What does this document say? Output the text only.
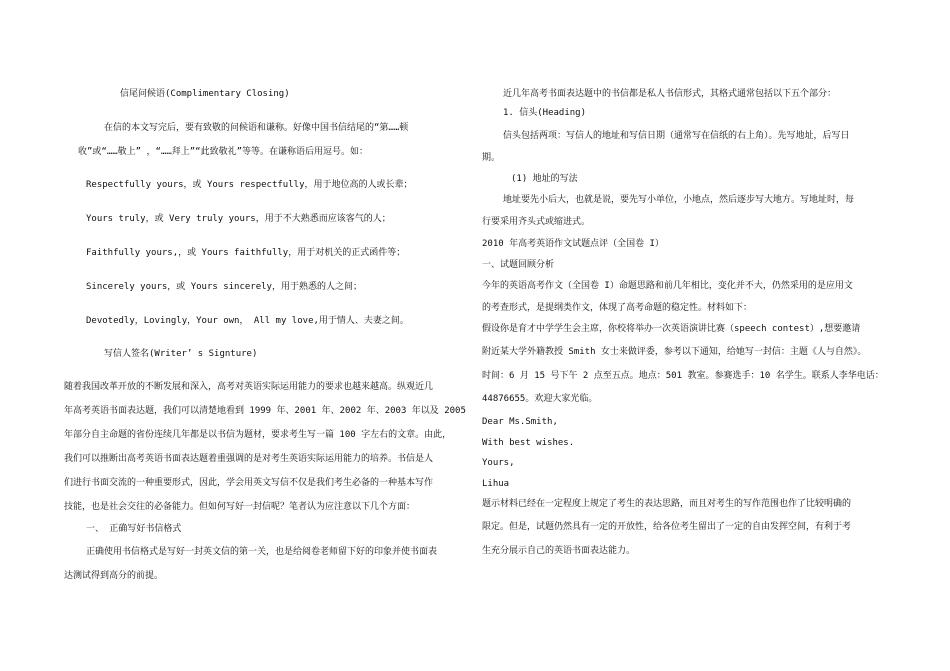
信尾问候语(Complimentary Closing)
在信的本文写完后，要有致敬的问候语和谦称。好像中国书信结尾的“第……顿
收”或“……敬上” ，“……拜上”“此致敬礼”等等。在谦称语后用逗号。如：
Respectfully yours，或 Yours respectfully，用于地位高的人或长辈；
Yours truly，或 Very truly yours，用于不大熟悉而应该客气的人；
Faithfully yours,，或 Yours faithfully，用于对机关的正式函件等；
Sincerely yours，或 Yours sincerely，用于熟悉的人之间；
Devotedly，Lovingly，Your own， All my love,用于情人、夫妻之间。
写信人签名(Writer’ s Signture)
随着我国改革开放的不断发展和深入，高考对英语实际运用能力的要求也越来越高。纵观近几
年高考英语书面表达题，我们可以清楚地看到 1999 年、2001 年、2002 年、2003 年以及 2005
年部分自主命题的省份连续几年都是以书信为题材，要求考生写一篇 100 字左右的文章。由此，
我们可以推断出高考英语书面表达题着重强调的是对考生英语实际运用能力的培养。书信是人
们进行书面交流的一种重要形式，因此，学会用英文写信不仅是我们考生必备的一种基本写作
技能，也是社会交往的必备能力。但如何写好一封信呢？笔者认为应注意以下几个方面：
一、 正确写好书信格式
正确使用书信格式是写好一封英文信的第一关，也是给阅卷老师留下好的印象并使书面表
达测试得到高分的前提。
近几年高考书面表达题中的书信都是私人书信形式，其格式通常包括以下五个部分：
1. 信头(Heading)
信头包括两项：写信人的地址和写信日期（通常写在信纸的右上角）。先写地址，后写日
期。
(1) 地址的写法
地址要先小后大，也就是说，要先写小单位，小地点，然后逐步写大地方。写地址时，每
行要采用齐头式或缩进式。
2010 年高考英语作文试题点评（全国卷 I）
一、试题回顾分析
今年的英语高考作文（全国卷 I）命题思路和前几年相比，变化并不大，仍然采用的是应用文
的考查形式，是提纲类作文，体现了高考命题的稳定性。材料如下：
假设你是育才中学学生会主席，你校将举办一次英语演讲比赛（speech contest）,想要邀请
附近某大学外籍教授 Smith 女士来做评委，参考以下通知，给她写一封信：主题《人与自然》。
时间：6 月 15 号下午 2 点至五点。地点：501 教室。参赛选手：10 名学生。联系人李华电话：
44876655。欢迎大家光临。
Dear Ms.Smith,
With best wishes.
Yours,
Lihua
题示材料已经在一定程度上规定了考生的表达思路，而且对考生的写作范围也作了比较明确的
限定。但是，试题仍然具有一定的开放性，给各位考生留出了一定的自由发挥空间，有利于考
生充分展示自己的英语书面表达能力。
